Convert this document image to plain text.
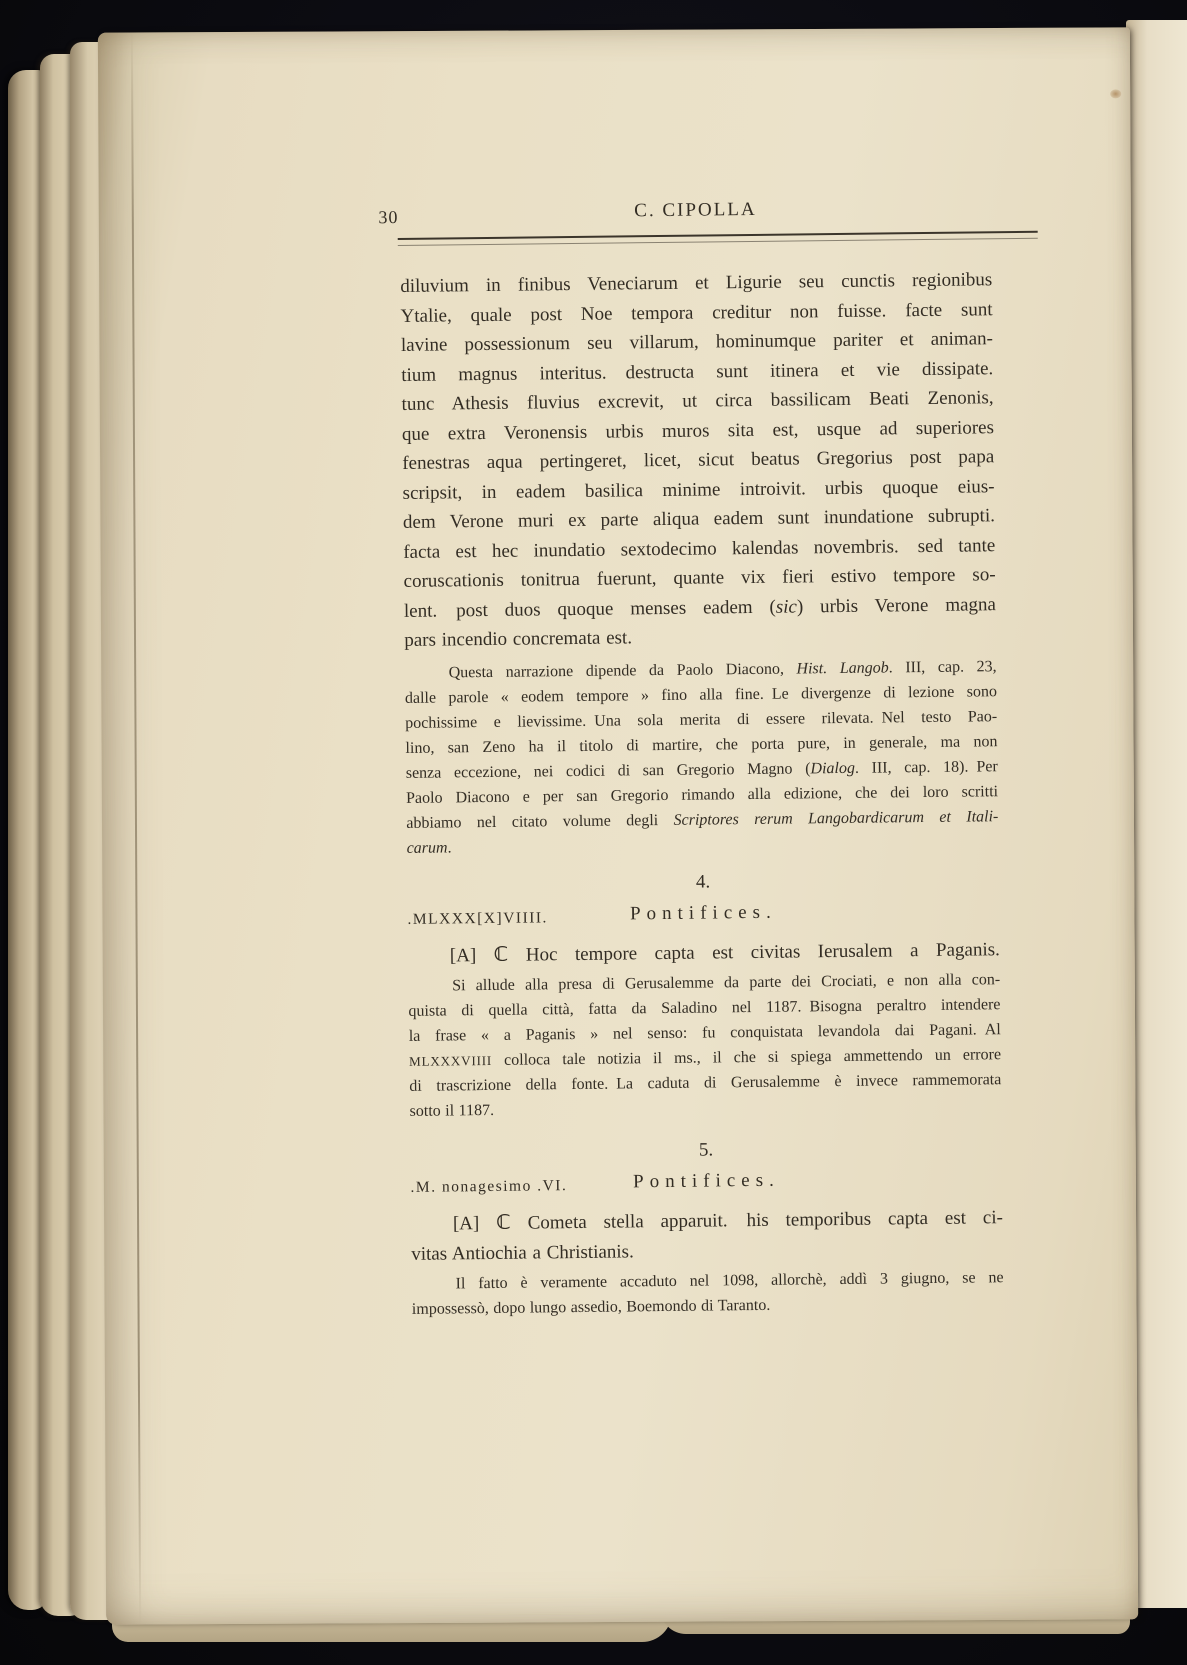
30	C. CIPOLLA
diluvium in finibus Veneciarum et Ligurie seu cunctis regionibus
Ytalie, quale post Noe tempora creditur non fuisse.  facte sunt
lavine possessionum seu villarum, hominumque pariter et animan-
tium magnus interitus.  destructa sunt itinera et vie dissipate.
tunc Athesis fluvius excrevit, ut circa bassilicam Beati Zenonis,
que extra Veronensis urbis muros sita est, usque ad superiores
fenestras aqua pertingeret, licet, sicut beatus Gregorius post papa
scripsit, in eadem basilica minime introivit.  urbis quoque eius-
dem Verone muri ex parte aliqua eadem sunt inundatione subrupti.
facta est hec inundatio sextodecimo kalendas novembris.  sed tante
coruscationis tonitrua fuerunt, quante vix fieri estivo tempore so-
lent.  post duos quoque menses eadem (sic) urbis Verone magna
pars incendio concremata est.
Questa narrazione dipende da Paolo Diacono, Hist. Langob. III, cap. 23,
dalle parole « eodem tempore » fino alla fine. Le divergenze di lezione sono
pochissime e lievissime. Una sola merita di essere rilevata. Nel testo Pao-
lino, san Zeno ha il titolo di martire, che porta pure, in generale, ma non
senza eccezione, nei codici di san Gregorio Magno (Dialog. III, cap. 18). Per
Paolo Diacono e per san Gregorio rimando alla edizione, che dei loro scritti
abbiamo nel citato volume degli Scriptores rerum Langobardicarum et Itali-
carum.
4.
.MLXXX[X]VIIII.	Pontifices.
[A] ℂ Hoc tempore capta est civitas Ierusalem a Paganis.
Si allude alla presa di Gerusalemme da parte dei Crociati, e non alla con-
quista di quella città, fatta da Saladino nel 1187. Bisogna peraltro intendere
la frase « a Paganis » nel senso: fu conquistata levandola dai Pagani. Al
MLXXXVIIII colloca tale notizia il ms., il che si spiega ammettendo un errore
di trascrizione della fonte. La caduta di Gerusalemme è invece rammemorata
sotto il 1187.
5.
.M. nonagesimo .VI.	Pontifices.
[A] ℂ Cometa stella apparuit.  his temporibus capta est ci-
vitas Antiochia a Christianis.
Il fatto è veramente accaduto nel 1098, allorchè, addì 3 giugno, se ne
impossessò, dopo lungo assedio, Boemondo di Taranto.
